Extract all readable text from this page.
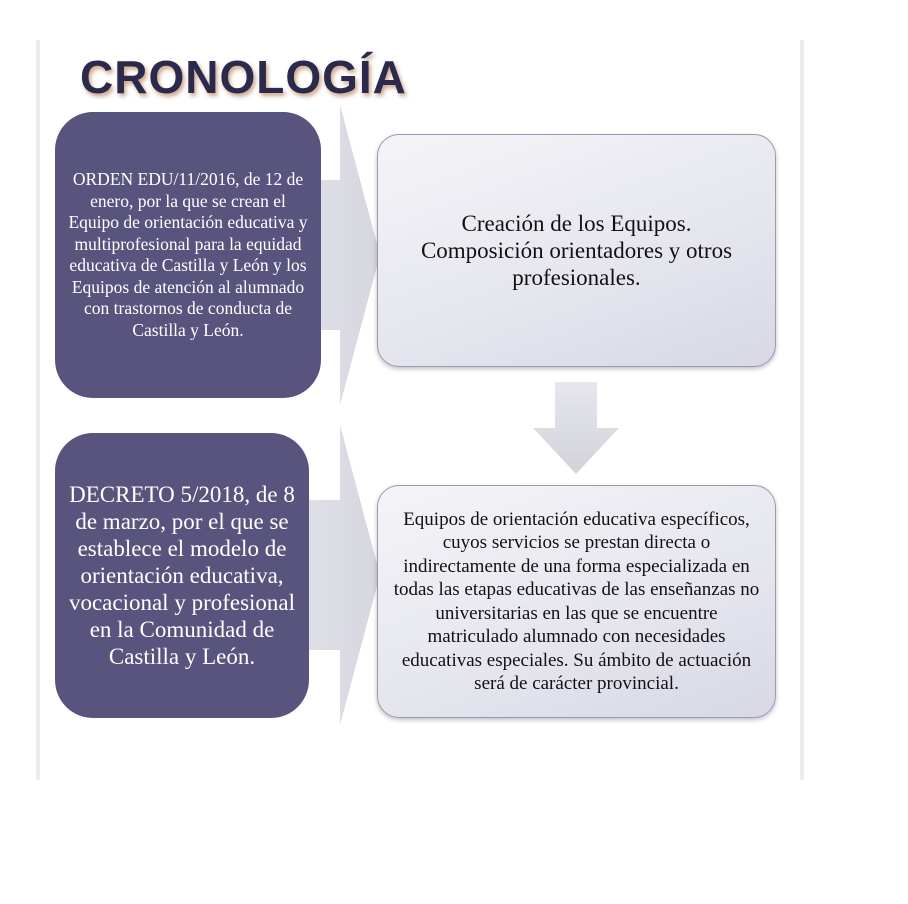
CRONOLOGÍA
ORDEN EDU/11/2016, de 12 de enero, por la que se crean el Equipo de orientación educativa y multiprofesional para la equidad educativa de Castilla y León y los Equipos de atención al alumnado con trastornos de conducta de Castilla y León.
Creación de los Equipos. Composición orientadores y otros profesionales.
DECRETO 5/2018, de 8 de marzo, por el que se establece el modelo de orientación educativa, vocacional y profesional en la Comunidad de Castilla y León.
Equipos de orientación educativa específicos, cuyos servicios se prestan directa o indirectamente de una forma especializada en todas las etapas educativas de las enseñanzas no universitarias en las que se encuentre matriculado alumnado con necesidades educativas especiales. Su ámbito de actuación será de carácter provincial.
